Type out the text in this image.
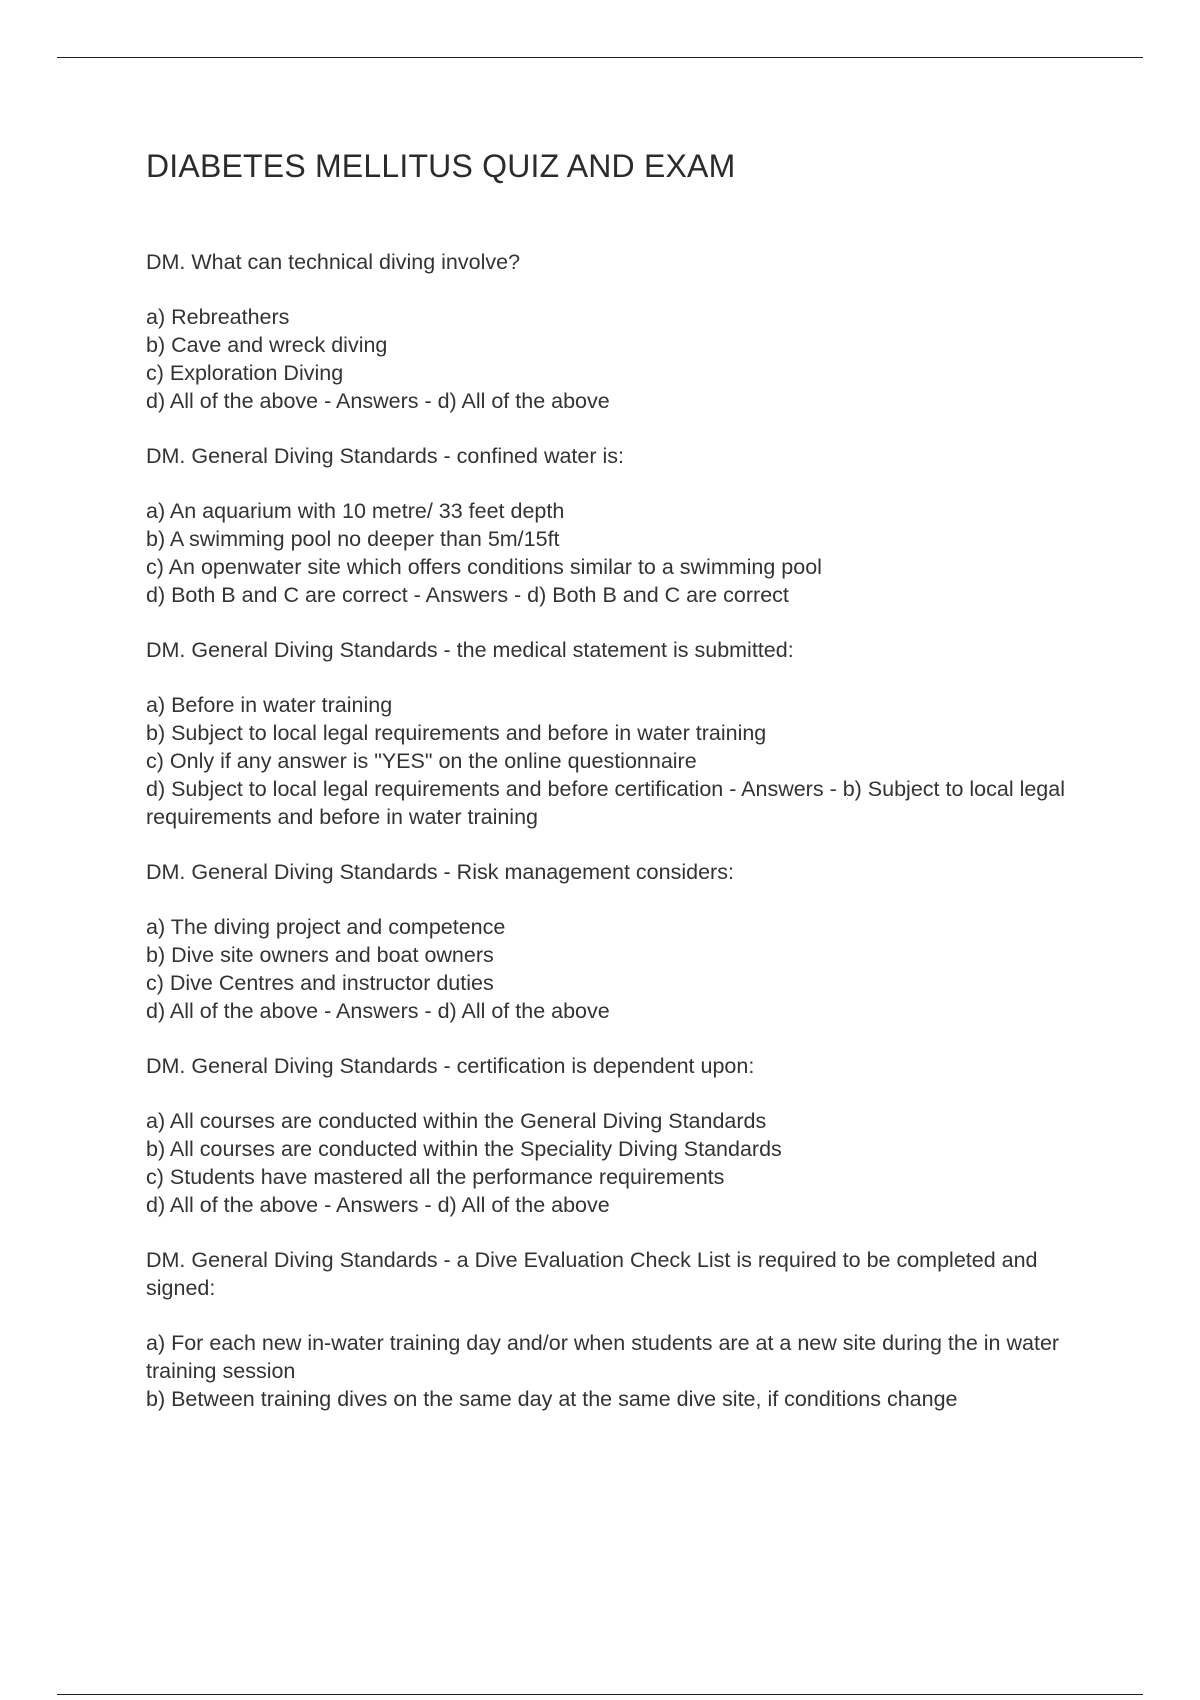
DIABETES MELLITUS QUIZ AND EXAM

DM. What can technical diving involve?

a) Rebreathers
b) Cave and wreck diving
c) Exploration Diving
d) All of the above - Answers - d) All of the above

DM. General Diving Standards - confined water is:

a) An aquarium with 10 metre/ 33 feet depth
b) A swimming pool no deeper than 5m/15ft
c) An openwater site which offers conditions similar to a swimming pool
d) Both B and C are correct - Answers - d) Both B and C are correct

DM. General Diving Standards - the medical statement is submitted:

a) Before in water training
b) Subject to local legal requirements and before in water training
c) Only if any answer is "YES" on the online questionnaire
d) Subject to local legal requirements and before certification - Answers - b) Subject to local legal requirements and before in water training

DM. General Diving Standards - Risk management considers:

a) The diving project and competence
b) Dive site owners and boat owners
c) Dive Centres and instructor duties
d) All of the above - Answers - d) All of the above

DM. General Diving Standards - certification is dependent upon:

a) All courses are conducted within the General Diving Standards
b) All courses are conducted within the Speciality Diving Standards
c) Students have mastered all the performance requirements
d) All of the above - Answers - d) All of the above

DM. General Diving Standards - a Dive Evaluation Check List is required to be completed and signed:

a) For each new in-water training day and/or when students are at a new site during the in water training session
b) Between training dives on the same day at the same dive site, if conditions change
